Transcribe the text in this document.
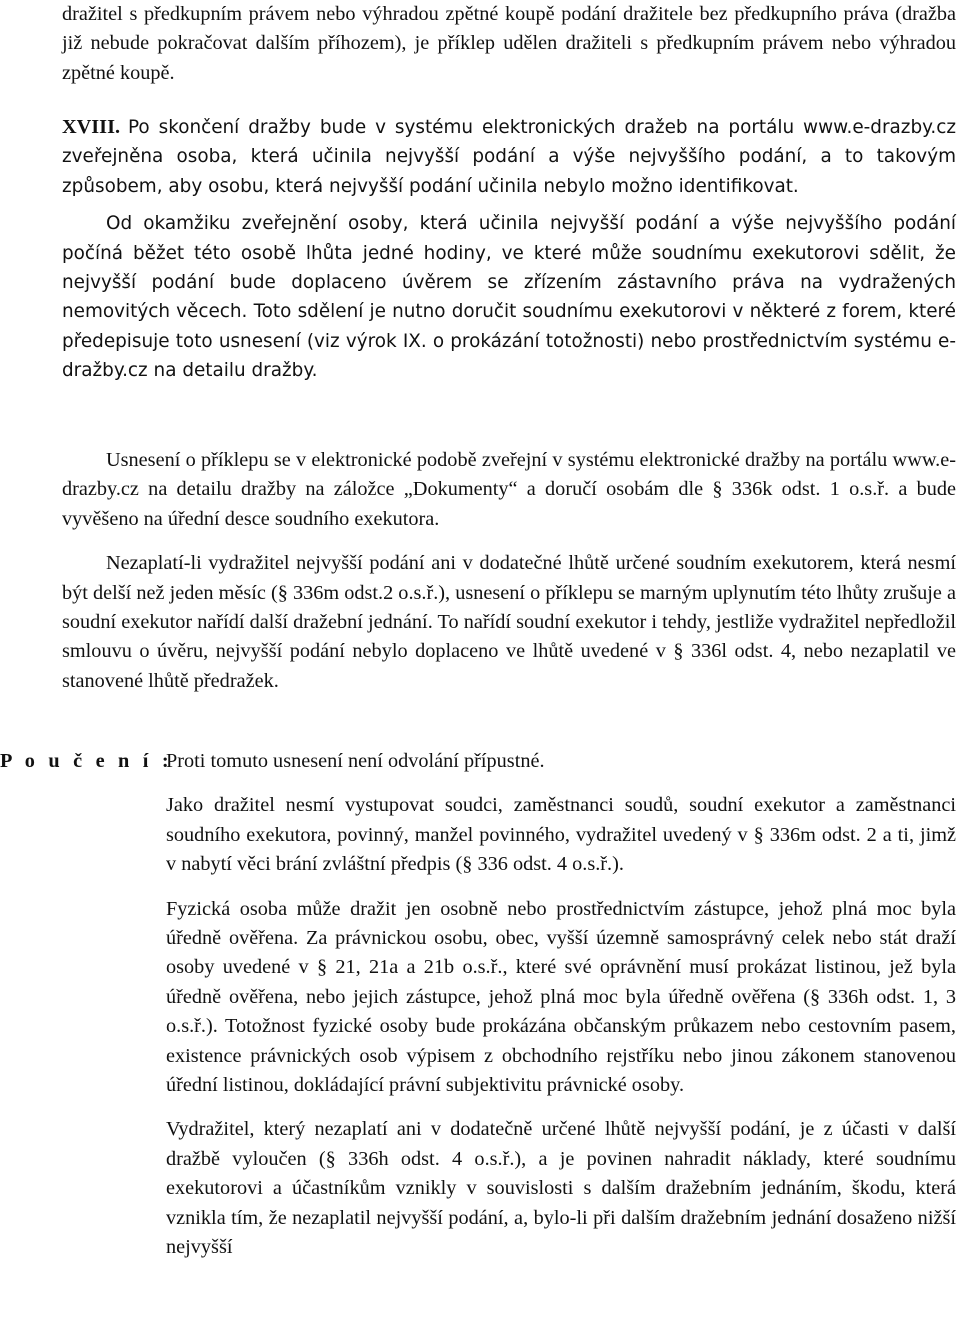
dražitel s předkupním právem nebo výhradou zpětné koupě podání dražitele bez předkupního práva (dražba již nebude pokračovat dalším příhozem), je příklep udělen dražiteli s předkupním právem nebo výhradou zpětné koupě.

XVIII. Po skončení dražby bude v systému elektronických dražeb na portálu www.e-drazby.cz zveřejněna osoba, která učinila nejvyšší podání a výše nejvyššího podání, a to takovým způsobem, aby osobu, která nejvyšší podání učinila nebylo možno identifikovat.

Od okamžiku zveřejnění osoby, která učinila nejvyšší podání a výše nejvyššího podání počíná běžet této osobě lhůta jedné hodiny, ve které může soudnímu exekutorovi sdělit, že nejvyšší podání bude doplaceno úvěrem se zřízením zástavního práva na vydražených nemovitých věcech. Toto sdělení je nutno doručit soudnímu exekutorovi v některé z forem, které předepisuje toto usnesení (viz výrok IX. o prokázání totožnosti) nebo prostřednictvím systému e-dražby.cz na detailu dražby.

Usnesení o příklepu se v elektronické podobě zveřejní v systému elektronické dražby na portálu www.e-drazby.cz na detailu dražby na záložce „Dokumenty“ a doručí osobám dle § 336k odst. 1 o.s.ř. a bude vyvěšeno na úřední desce soudního exekutora.

Nezaplatí-li vydražitel nejvyšší podání ani v dodatečné lhůtě určené soudním exekutorem, která nesmí být delší než jeden měsíc (§ 336m odst.2 o.s.ř.), usnesení o příklepu se marným uplynutím této lhůty zrušuje a soudní exekutor nařídí další dražební jednání. To nařídí soudní exekutor i tehdy, jestliže vydražitel nepředložil smlouvu o úvěru, nejvyšší podání nebylo doplaceno ve lhůtě uvedené v § 336l odst. 4, nebo nezaplatil ve stanovené lhůtě předražek.

P o u č e n í :

Proti tomuto usnesení není odvolání přípustné.

Jako dražitel nesmí vystupovat soudci, zaměstnanci soudů, soudní exekutor a zaměstnanci soudního exekutora, povinný, manžel povinného, vydražitel uvedený v § 336m odst. 2 a ti, jimž v nabytí věci brání zvláštní předpis (§ 336 odst. 4 o.s.ř.).

Fyzická osoba může dražit jen osobně nebo prostřednictvím zástupce, jehož plná moc byla úředně ověřena. Za právnickou osobu, obec, vyšší územně samosprávný celek nebo stát draží osoby uvedené v § 21, 21a a 21b o.s.ř., které své oprávnění musí prokázat listinou, jež byla úředně ověřena, nebo jejich zástupce, jehož plná moc byla úředně ověřena (§ 336h odst. 1, 3 o.s.ř.). Totožnost fyzické osoby bude prokázána občanským průkazem nebo cestovním pasem, existence právnických osob výpisem z obchodního rejstříku nebo jinou zákonem stanovenou úřední listinou, dokládající právní subjektivitu právnické osoby.

Vydražitel, který nezaplatí ani v dodatečně určené lhůtě nejvyšší podání, je z účasti v další dražbě vyloučen (§ 336h odst. 4 o.s.ř.), a je povinen nahradit náklady, které soudnímu exekutorovi a účastníkům vznikly v souvislosti s dalším dražebním jednáním, škodu, která vznikla tím, že nezaplatil nejvyšší podání, a, bylo-li při dalším dražebním jednání dosaženo nižší nejvyšší
